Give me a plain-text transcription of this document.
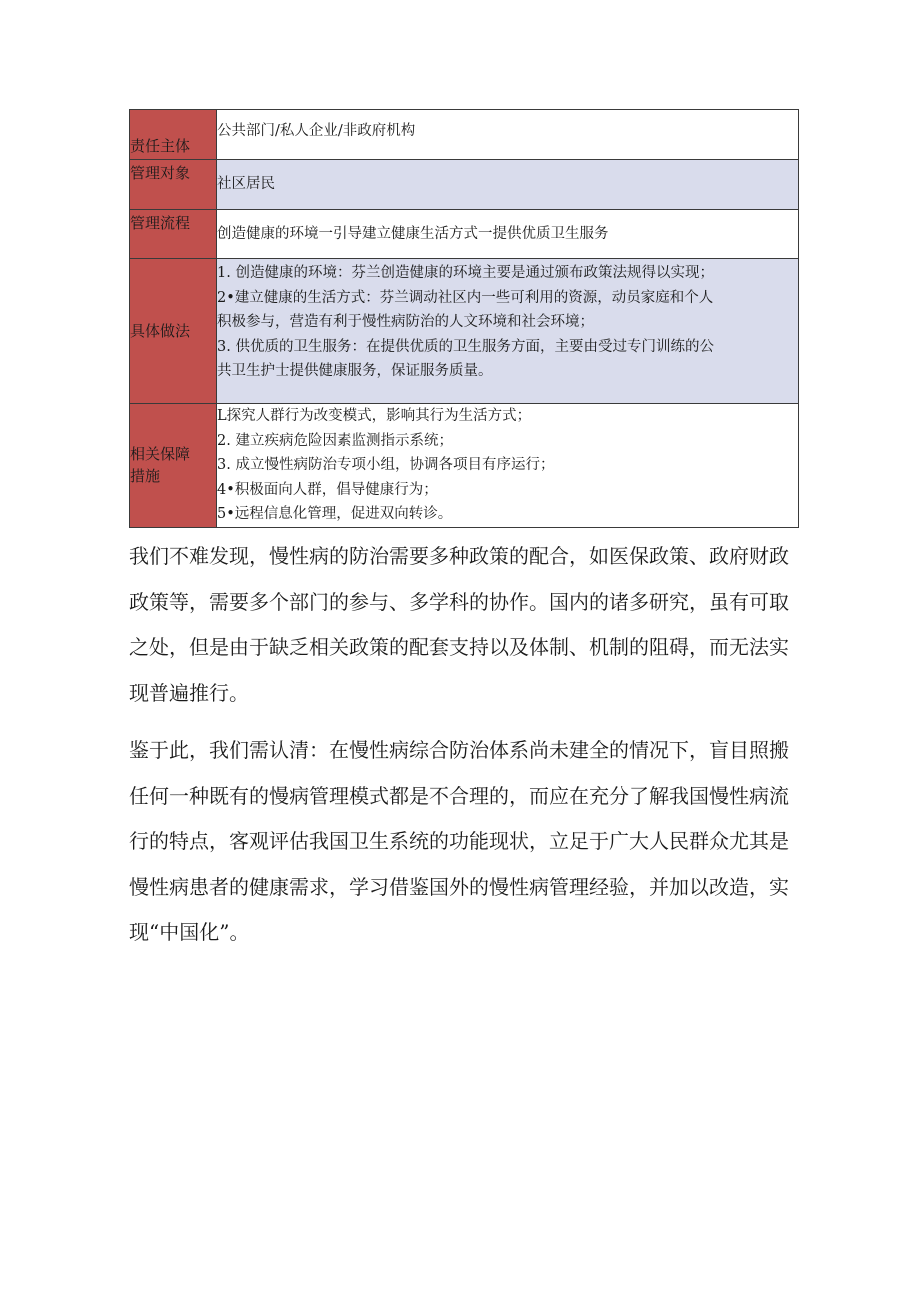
责任主体	公共部门/私人企业/非政府机构

管理对象	社区居民

管理流程	创造健康的环境一引导建立健康生活方式一提供优质卫生服务

具体做法	1. 创造健康的环境：芬兰创造健康的环境主要是通过颁布政策法规得以实现；
2•建立健康的生活方式：芬兰调动社区内一些可利用的资源，动员家庭和个人
积极参与，营造有利于慢性病防治的人文环境和社会环境；
3. 供优质的卫生服务：在提供优质的卫生服务方面，主要由受过专门训练的公
共卫生护士提供健康服务，保证服务质量。

相关保障
措施	L探究人群行为改变模式，影响其行为生活方式；
2. 建立疾病危险因素监测指示系统；
3. 成立慢性病防治专项小组，协调各项目有序运行；
4•积极面向人群，倡导健康行为；
5•远程信息化管理，促进双向转诊。
我们不难发现，慢性病的防治需要多种政策的配合，如医保政策、政府财政
政策等，需要多个部门的参与、多学科的协作。国内的诸多研究，虽有可取
之处，但是由于缺乏相关政策的配套支持以及体制、机制的阻碍，而无法实
现普遍推行。
鉴于此，我们需认清：在慢性病综合防治体系尚未建全的情况下，盲目照搬
任何一种既有的慢病管理模式都是不合理的，而应在充分了解我国慢性病流
行的特点，客观评估我国卫生系统的功能现状，立足于广大人民群众尤其是
慢性病患者的健康需求，学习借鉴国外的慢性病管理经验，并加以改造，实
现“中国化”。
